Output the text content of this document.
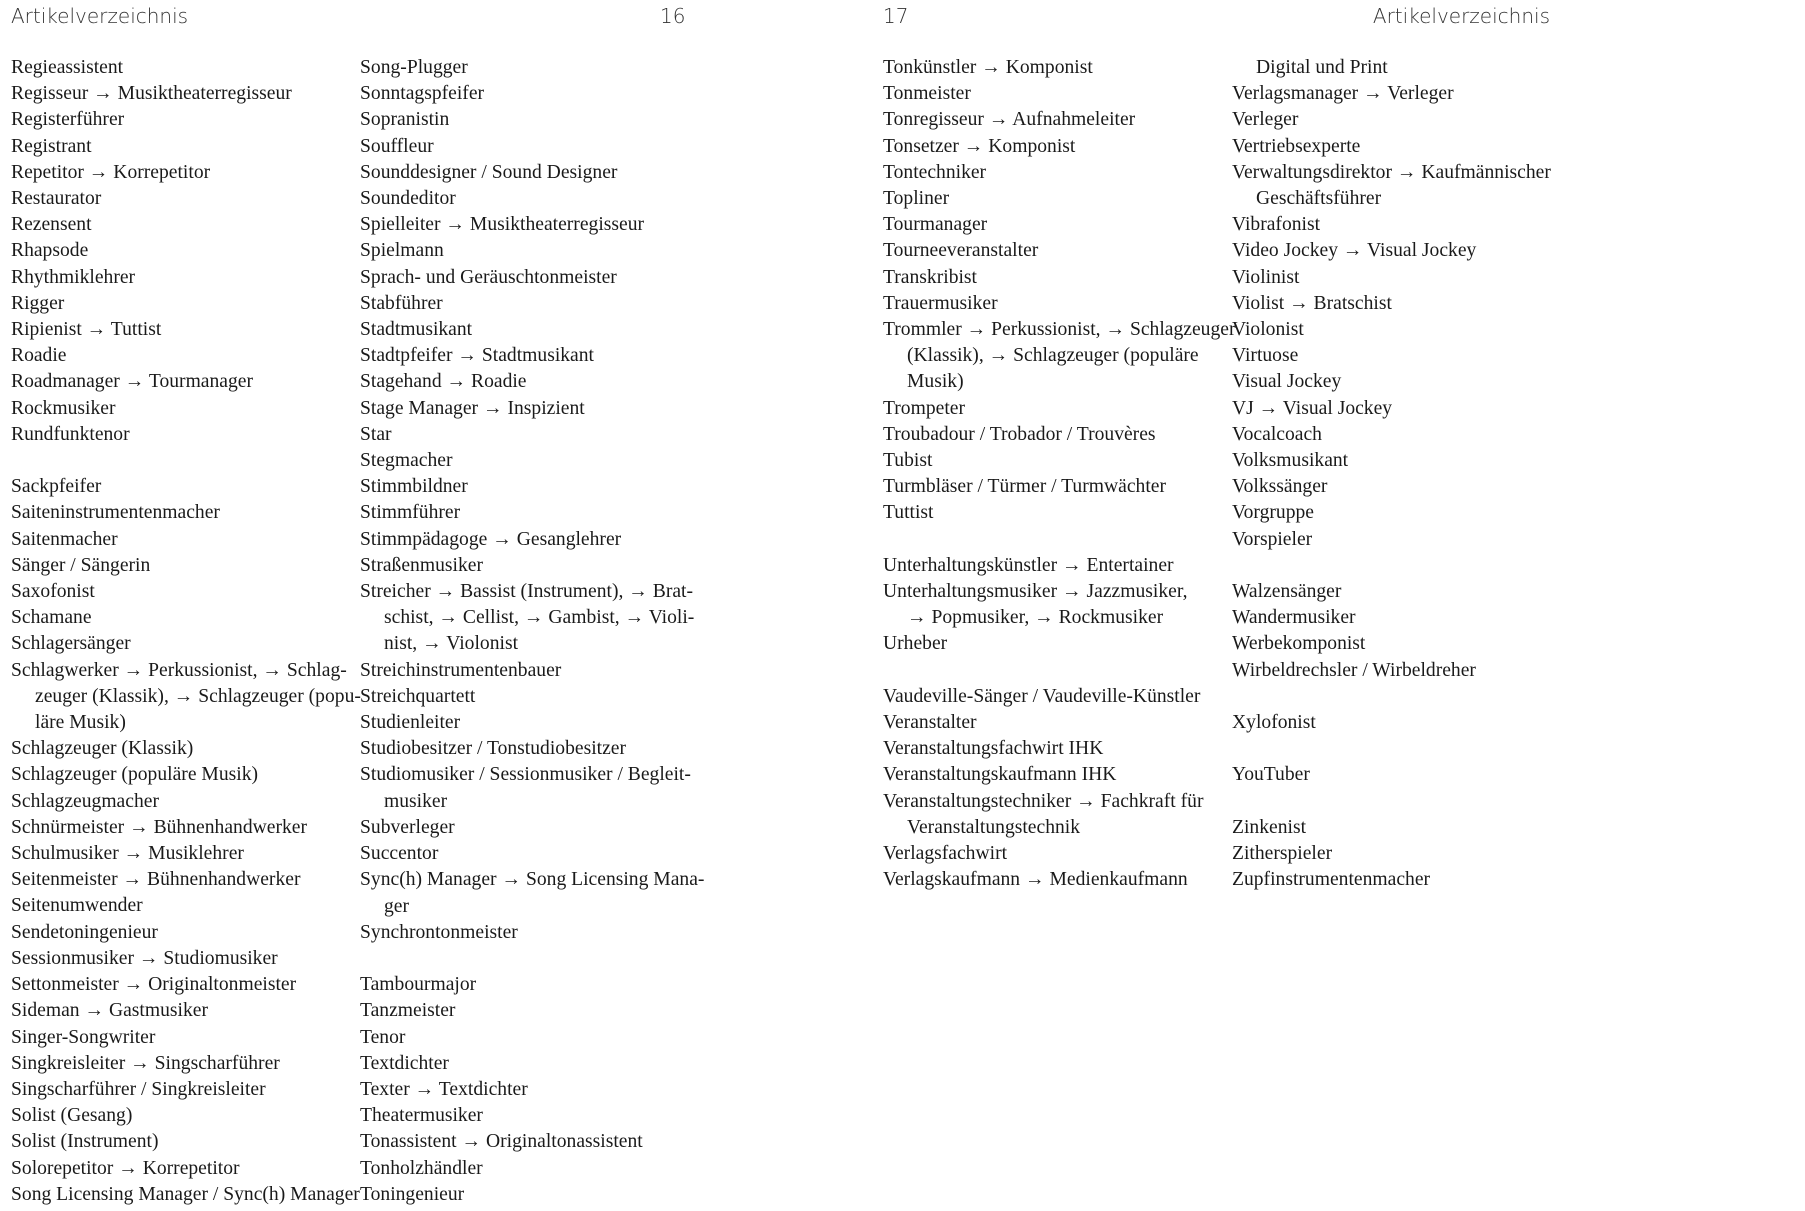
Artikelverzeichnis	16
Regieassistent
Regisseur → Musiktheaterregisseur
Registerführer
Registrant
Repetitor → Korrepetitor
Restaurator
Rezensent
Rhapsode
Rhythmiklehrer
Rigger
Ripienist → Tuttist
Roadie
Roadmanager → Tourmanager
Rockmusiker
Rundfunktenor
Sackpfeifer
Saiteninstrumentenmacher
Saitenmacher
Sänger / Sängerin
Saxofonist
Schamane
Schlagersänger
Schlagwerker → Perkussionist, → Schlag-
zeuger (Klassik), → Schlagzeuger (popu-
läre Musik)
Schlagzeuger (Klassik)
Schlagzeuger (populäre Musik)
Schlagzeugmacher
Schnürmeister → Bühnenhandwerker
Schulmusiker → Musiklehrer
Seitenmeister → Bühnenhandwerker
Seitenumwender
Sendetoningenieur
Sessionmusiker → Studiomusiker
Settonmeister → Originaltonmeister
Sideman → Gastmusiker
Singer-Songwriter
Singkreisleiter → Singscharführer
Singscharführer / Singkreisleiter
Solist (Gesang)
Solist (Instrument)
Solorepetitor → Korrepetitor
Song Licensing Manager / Sync(h) Manager
Song-Plugger
Sonntagspfeifer
Sopranistin
Souffleur
Sounddesigner / Sound Designer
Soundeditor
Spielleiter → Musiktheaterregisseur
Spielmann
Sprach- und Geräuschtonmeister
Stabführer
Stadtmusikant
Stadtpfeifer → Stadtmusikant
Stagehand → Roadie
Stage Manager → Inspizient
Star
Stegmacher
Stimmbildner
Stimmführer
Stimmpädagoge → Gesanglehrer
Straßenmusiker
Streicher → Bassist (Instrument), → Brat-
schist, → Cellist, → Gambist, → Violi-
nist, → Violonist
Streichinstrumentenbauer
Streichquartett
Studienleiter
Studiobesitzer / Tonstudiobesitzer
Studiomusiker / Sessionmusiker / Begleit-
musiker
Subverleger
Succentor
Sync(h) Manager → Song Licensing Mana-
ger
Synchrontonmeister
Tambourmajor
Tanzmeister
Tenor
Textdichter
Texter → Textdichter
Theatermusiker
Tonassistent → Originaltonassistent
Tonholzhändler
Toningenieur
17	Artikelverzeichnis
Tonkünstler → Komponist
Tonmeister
Tonregisseur → Aufnahmeleiter
Tonsetzer → Komponist
Tontechniker
Topliner
Tourmanager
Tourneeveranstalter
Transkribist
Trauermusiker
Trommler → Perkussionist, → Schlagzeuger
(Klassik), → Schlagzeuger (populäre
Musik)
Trompeter
Troubadour / Trobador / Trouvères
Tubist
Turmbläser / Türmer / Turmwächter
Tuttist
Unterhaltungskünstler → Entertainer
Unterhaltungsmusiker → Jazzmusiker,
→ Popmusiker, → Rockmusiker
Urheber
Vaudeville-Sänger / Vaudeville-Künstler
Veranstalter
Veranstaltungsfachwirt IHK
Veranstaltungskaufmann IHK
Veranstaltungstechniker → Fachkraft für
Veranstaltungstechnik
Verlagsfachwirt
Verlagskaufmann → Medienkaufmann
Digital und Print
Verlagsmanager → Verleger
Verleger
Vertriebsexperte
Verwaltungsdirektor → Kaufmännischer
Geschäftsführer
Vibrafonist
Video Jockey → Visual Jockey
Violinist
Violist → Bratschist
Violonist
Virtuose
Visual Jockey
VJ → Visual Jockey
Vocalcoach
Volksmusikant
Volkssänger
Vorgruppe
Vorspieler
Walzensänger
Wandermusiker
Werbekomponist
Wirbeldrechsler / Wirbeldreher
Xylofonist
YouTuber
Zinkenist
Zitherspieler
Zupfinstrumentenmacher
